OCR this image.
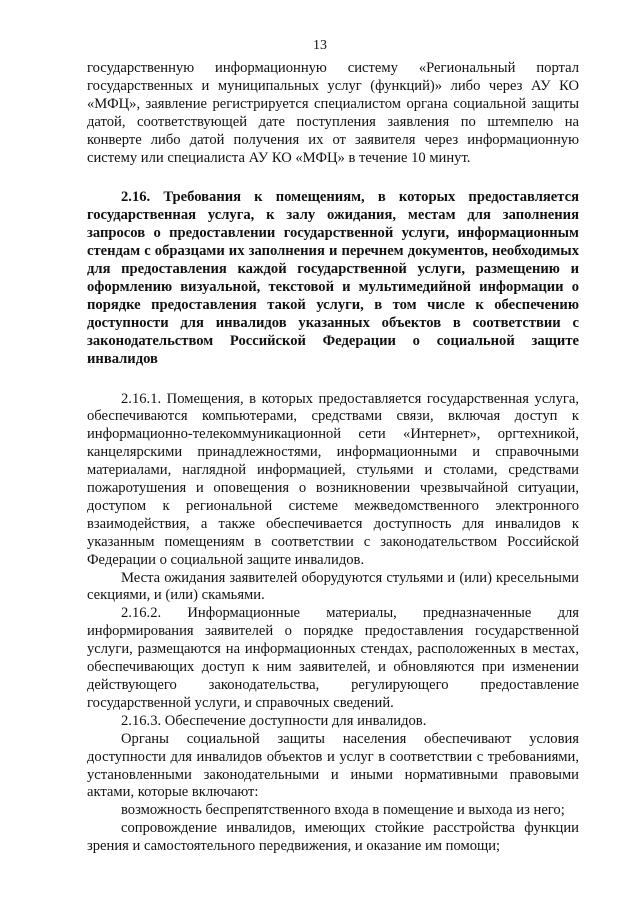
13

государственную информационную систему «Региональный портал государственных и муниципальных услуг (функций)» либо через АУ КО «МФЦ», заявление регистрируется специалистом органа социальной защиты датой, соответствующей дате поступления заявления по штемпелю на конверте либо датой получения их от заявителя через информационную систему или специалиста АУ КО «МФЦ» в течение 10 минут.

2.16. Требования к помещениям, в которых предоставляется государственная услуга, к залу ожидания, местам для заполнения запросов о предоставлении государственной услуги, информационным стендам с образцами их заполнения и перечнем документов, необходимых для предоставления каждой государственной услуги, размещению и оформлению визуальной, текстовой и мультимедийной информации о порядке предоставления такой услуги, в том числе к обеспечению доступности для инвалидов указанных объектов в соответствии с законодательством Российской Федерации о социальной защите инвалидов

2.16.1. Помещения, в которых предоставляется государственная услуга, обеспечиваются компьютерами, средствами связи, включая доступ к информационно-телекоммуникационной сети «Интернет», оргтехникой, канцелярскими принадлежностями, информационными и справочными материалами, наглядной информацией, стульями и столами, средствами пожаротушения и оповещения о возникновении чрезвычайной ситуации, доступом к региональной системе межведомственного электронного взаимодействия, а также обеспечивается доступность для инвалидов к указанным помещениям в соответствии с законодательством Российской Федерации о социальной защите инвалидов.

Места ожидания заявителей оборудуются стульями и (или) кресельными секциями, и (или) скамьями.

2.16.2. Информационные материалы, предназначенные для информирования заявителей о порядке предоставления государственной услуги, размещаются на информационных стендах, расположенных в местах, обеспечивающих доступ к ним заявителей, и обновляются при изменении действующего законодательства, регулирующего предоставление государственной услуги, и справочных сведений.

2.16.3. Обеспечение доступности для инвалидов.

Органы социальной защиты населения обеспечивают условия доступности для инвалидов объектов и услуг в соответствии с требованиями, установленными законодательными и иными нормативными правовыми актами, которые включают:

возможность беспрепятственного входа в помещение и выхода из него;

сопровождение инвалидов, имеющих стойкие расстройства функции зрения и самостоятельного передвижения, и оказание им помощи;
